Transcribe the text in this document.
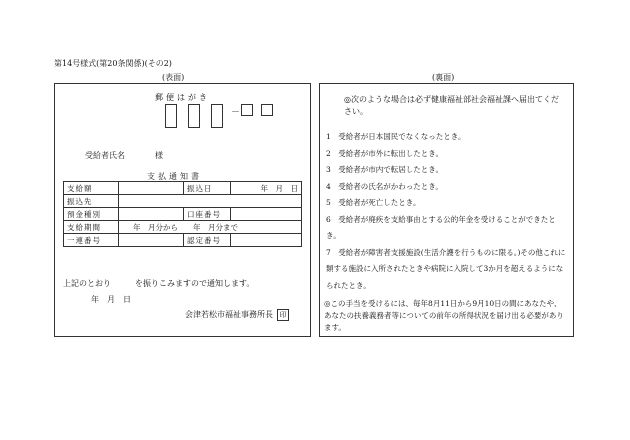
第14号様式(第20条関係)(その2)
(表面)	(裏面)
郵便はがき
－
受給者氏名	様
支払通知書
支給額		振込日	年　月　日
振込先			
預金種別		口座番号	
支給期間	年　月分から　　年　月分まで		
一連番号		認定番号	
上記のとおり　　　を振りこみますので通知します。
年　月　日
会津若松市福祉事務所長 印
◎次のような場合は必ず健康福祉部社会福祉課へ届出てください。
1　受給者が日本国民でなくなったとき。
2　受給者が市外に転出したとき。
3　受給者が市内で転居したとき。
4　受給者の氏名がかわったとき。
5　受給者が死亡したとき。
6　受給者が廃疾を支給事由とする公的年金を受けることができたとき。
7　受給者が障害者支援施設(生活介護を行うものに限る。)その他これに類する施設に入所されたときや病院に入院して3か月を超えるようになられたとき。
◎この手当を受けるには、毎年8月11日から9月10日の間にあなたや、あなたの扶養義務者等についての前年の所得状況を届け出る必要があります。
